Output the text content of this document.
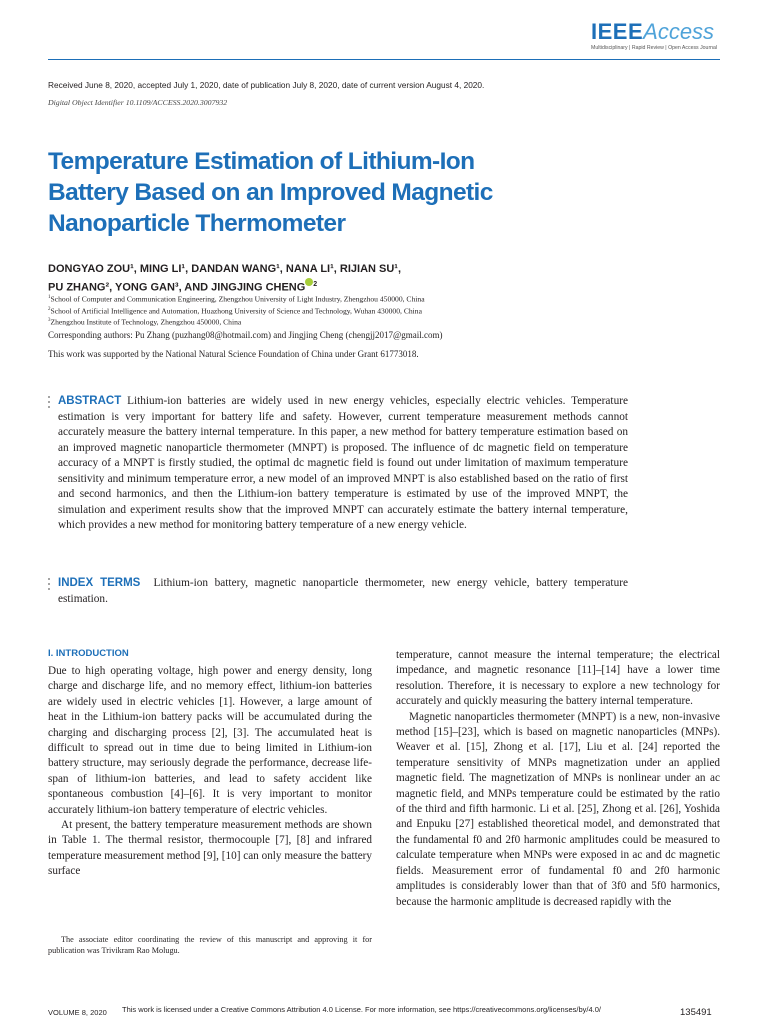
IEEEAccess
Multidisciplinary | Rapid Review | Open Access Journal
Received June 8, 2020, accepted July 1, 2020, date of publication July 8, 2020, date of current version August 4, 2020.
Digital Object Identifier 10.1109/ACCESS.2020.3007932
Temperature Estimation of Lithium-Ion
Battery Based on an Improved Magnetic
Nanoparticle Thermometer
DONGYAO ZOU¹, MING LI¹, DANDAN WANG¹, NANA LI¹, RIJIAN SU¹,
PU ZHANG², YONG GAN³, AND JINGJING CHENG $^2$
$^1$School of Computer and Communication Engineering, Zhengzhou University of Light Industry, Zhengzhou 450000, China
$^2$School of Artificial Intelligence and Automation, Huazhong University of Science and Technology, Wuhan 430000, China
$^3$Zhengzhou Institute of Technology, Zhengzhou 450000, China
Corresponding authors: Pu Zhang (puzhang08@hotmail.com) and Jingjing Cheng (chengjj2017@gmail.com)
This work was supported by the National Natural Science Foundation of China under Grant 61773018.
ABSTRACT Lithium-ion batteries are widely used in new energy vehicles, especially electric vehicles. Temperature estimation is very important for battery life and safety. However, current temperature measurement methods cannot accurately measure the battery internal temperature. In this paper, a new method for battery temperature estimation based on an improved magnetic nanoparticle thermometer (MNPT) is proposed. The influence of dc magnetic field on temperature accuracy of a MNPT is firstly studied, the optimal dc magnetic field is found out under limitation of maximum temperature sensitivity and minimum temperature error, a new model of an improved MNPT is also established based on the ratio of first and second harmonics, and then the Lithium-ion battery temperature is estimated by use of the improved MNPT, the simulation and experiment results show that the improved MNPT can accurately estimate the battery internal temperature, which provides a new method for monitoring battery temperature of a new energy vehicle.
INDEX TERMS Lithium-ion battery, magnetic nanoparticle thermometer, new energy vehicle, battery temperature estimation.
I. INTRODUCTION

Due to high operating voltage, high power and energy density, long charge and discharge life, and no memory effect, lithium-ion batteries are widely used in electric vehicles [1]. However, a large amount of heat in the Lithium-ion battery packs will be accumulated during the charging and discharging process [2], [3]. The accumulated heat is difficult to spread out in time due to being limited in Lithium-ion battery structure, may seriously degrade the performance, decrease life-span of lithium-ion batteries, and lead to safety accident like spontaneous combustion [4]–[6]. It is very important to monitor accurately lithium-ion battery temperature of electric vehicles.

At present, the battery temperature measurement methods are shown in Table 1. The thermal resistor, thermocouple [7], [8] and infrared temperature measurement method [9], [10] can only measure the battery surface

temperature, cannot measure the internal temperature; the electrical impedance, and magnetic resonance [11]–[14] have a lower time resolution. Therefore, it is necessary to explore a new technology for accurately and quickly measuring the battery internal temperature.

Magnetic nanoparticles thermometer (MNPT) is a new, non-invasive method [15]–[23], which is based on magnetic nanoparticles (MNPs). Weaver et al. [15], Zhong et al. [17], Liu et al. [24] reported the temperature sensitivity of MNPs magnetization under an applied magnetic field. The magnetization of MNPs is nonlinear under an ac magnetic field, and MNPs temperature could be estimated by the ratio of the third and fifth harmonic. Li et al. [25], Zhong et al. [26], Yoshida and Enpuku [27] established theoretical model, and demonstrated that the fundamental f0 and 2f0 harmonic amplitudes could be measured to calculate temperature when MNPs were exposed in ac and dc magnetic fields. Measurement error of fundamental f0 and 2f0 harmonic amplitudes is considerably lower than that of 3f0 and 5f0 harmonics, because the harmonic amplitude is decreased rapidly with the

The associate editor coordinating the review of this manuscript and approving it for publication was Trivikram Rao Molugu.
VOLUME 8, 2020 This work is licensed under a Creative Commons Attribution 4.0 License. For more information, see https://creativecommons.org/licenses/by/4.0/	135491
